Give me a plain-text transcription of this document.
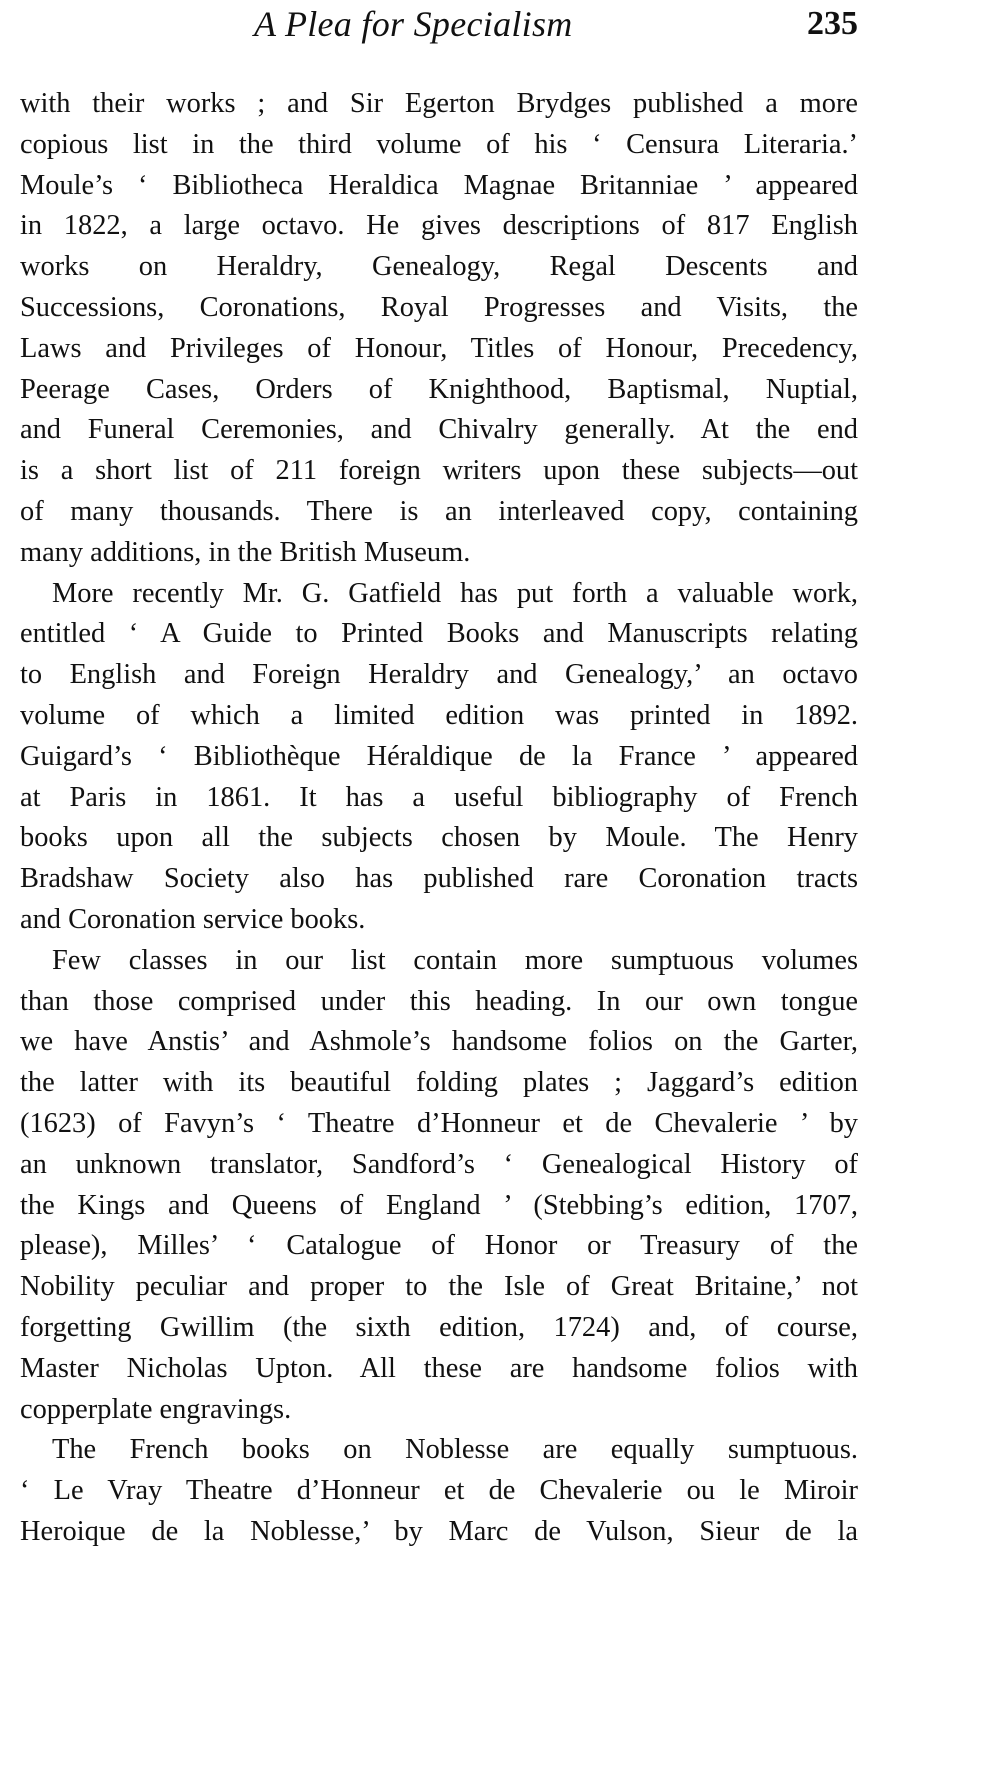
A Plea for Specialism	235
with their works ; and Sir Egerton Brydges published a more
copious list in the third volume of his ‘ Censura Literaria.’
Moule’s ‘ Bibliotheca Heraldica Magnae Britanniae ’ appeared
in 1822, a large octavo. He gives descriptions of 817 English
works on Heraldry, Genealogy, Regal Descents and
Successions, Coronations, Royal Progresses and Visits, the
Laws and Privileges of Honour, Titles of Honour, Precedency,
Peerage Cases, Orders of Knighthood, Baptismal, Nuptial,
and Funeral Ceremonies, and Chivalry generally. At the end
is a short list of 211 foreign writers upon these subjects—out
of many thousands. There is an interleaved copy, containing
many additions, in the British Museum.
More recently Mr. G. Gatfield has put forth a valuable work,
entitled ‘ A Guide to Printed Books and Manuscripts relating
to English and Foreign Heraldry and Genealogy,’ an octavo
volume of which a limited edition was printed in 1892.
Guigard’s ‘ Bibliothèque Héraldique de la France ’ appeared
at Paris in 1861. It has a useful bibliography of French
books upon all the subjects chosen by Moule. The Henry
Bradshaw Society also has published rare Coronation tracts
and Coronation service books.
Few classes in our list contain more sumptuous volumes
than those comprised under this heading. In our own tongue
we have Anstis’ and Ashmole’s handsome folios on the Garter,
the latter with its beautiful folding plates ; Jaggard’s edition
(1623) of Favyn’s ‘ Theatre d’Honneur et de Chevalerie ’ by
an unknown translator, Sandford’s ‘ Genealogical History of
the Kings and Queens of England ’ (Stebbing’s edition, 1707,
please), Milles’ ‘ Catalogue of Honor or Treasury of the
Nobility peculiar and proper to the Isle of Great Britaine,’ not
forgetting Gwillim (the sixth edition, 1724) and, of course,
Master Nicholas Upton. All these are handsome folios with
copperplate engravings.
The French books on Noblesse are equally sumptuous.
‘ Le Vray Theatre d’Honneur et de Chevalerie ou le Miroir
Heroique de la Noblesse,’ by Marc de Vulson, Sieur de la
